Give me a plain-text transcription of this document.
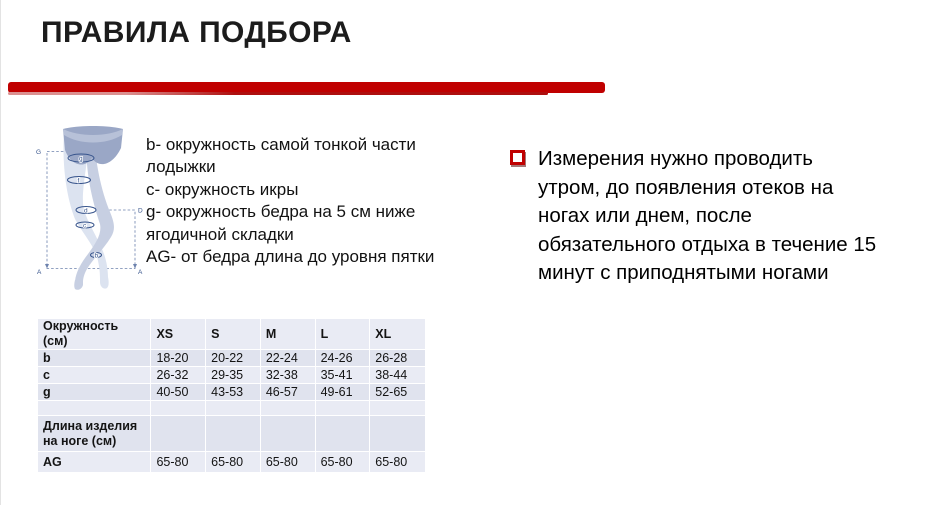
ПРАВИЛА ПОДБОРА
g
f
d
c
b
G
D
A	A
b- окружность самой тонкой части
лодыжки
c- окружность икры
g- окружность бедра на 5 см ниже
ягодичной складки
AG- от бедра длина до уровня пятки
Измерения нужно проводить
утром, до появления отеков на
ногах или днем, после
обязательного отдыха в течение 15
минут с приподнятыми ногами
Окружность (см)	XS	S	M	L	XL
b	18-20	20-22	22-24	24-26	26-28
c	26-32	29-35	32-38	35-41	38-44
g	40-50	43-53	46-57	49-61	52-65

Длина изделия на ноге (см)					
AG	65-80	65-80	65-80	65-80	65-80
